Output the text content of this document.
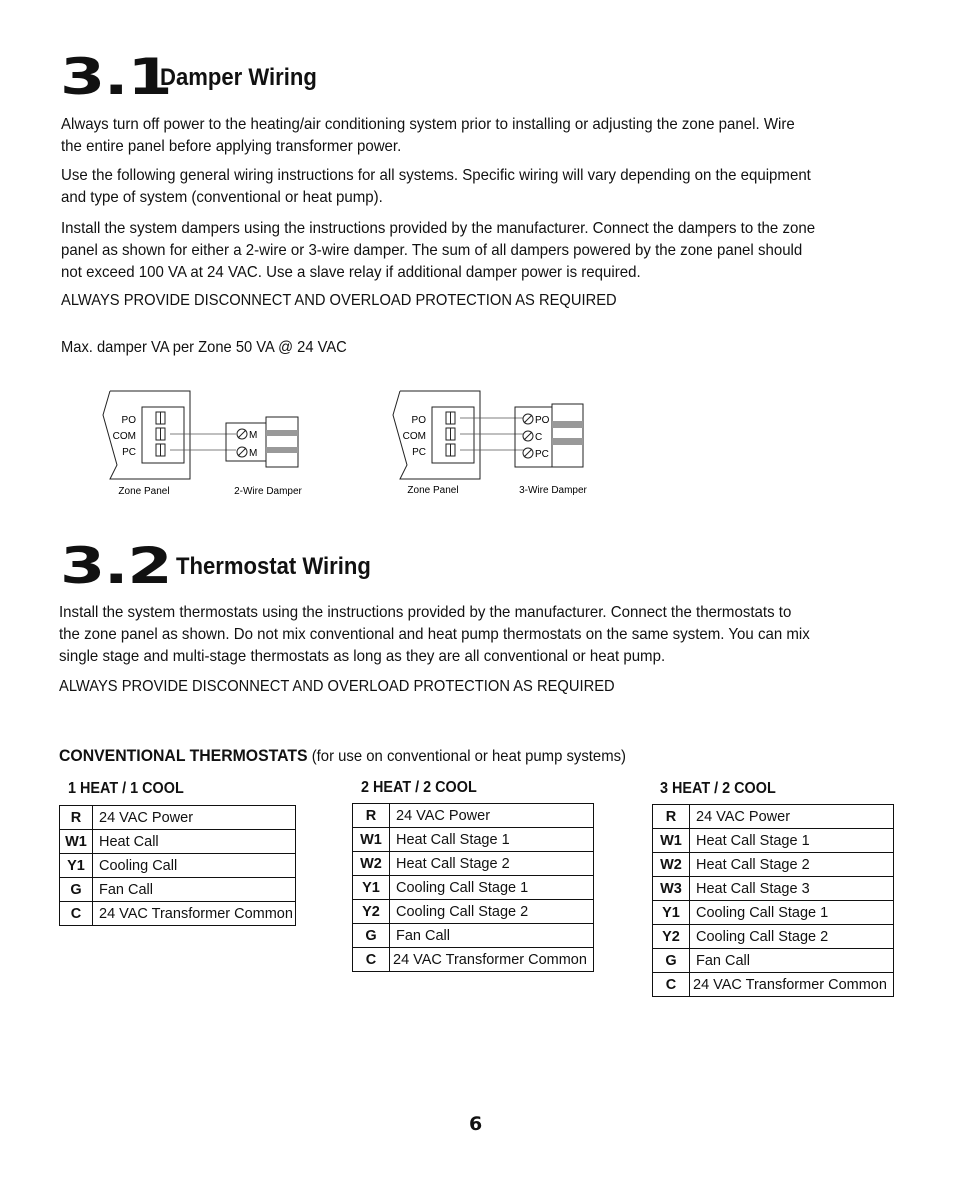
3.1
Damper Wiring
Always turn off power to the heating/air conditioning system prior to installing or adjusting the zone panel. Wire
the entire panel before applying transformer power.
Use the following general wiring instructions for all systems. Specific wiring will vary depending on the equipment
and type of system (conventional or heat pump).
Install the system dampers using the instructions provided by the manufacturer. Connect the dampers to the zone
panel as shown for either a 2-wire or 3-wire damper. The sum of all dampers powered by the zone panel should
not exceed 100 VA at 24 VAC. Use a slave relay if additional damper power is required.
ALWAYS PROVIDE DISCONNECT AND OVERLOAD PROTECTION AS REQUIRED
Max. damper VA per Zone 50 VA @ 24 VAC
PO
COM
PC
M
M
Zone Panel	2-Wire Damper
PO
COM
PC
PO
C
PC
Zone Panel	3-Wire Damper
3.2 Thermostat Wiring
Install the system thermostats using the instructions provided by the manufacturer. Connect the thermostats to
the zone panel as shown. Do not mix conventional and heat pump thermostats on the same system. You can mix
single stage and multi-stage thermostats as long as they are all conventional or heat pump.
ALWAYS PROVIDE DISCONNECT AND OVERLOAD PROTECTION AS REQUIRED
CONVENTIONAL THERMOSTATS (for use on conventional or heat pump systems)
1 HEAT / 1 COOL
R	24 VAC Power
W1	Heat Call
Y1	Cooling Call
G	Fan Call
C	24 VAC Transformer Common
2 HEAT / 2 COOL
R	24 VAC Power
W1	Heat Call Stage 1
W2	Heat Call Stage 2
Y1	Cooling Call Stage 1
Y2	Cooling Call Stage 2
G	Fan Call
C	24 VAC Transformer Common
3 HEAT / 2 COOL
R	24 VAC Power
W1	Heat Call Stage 1
W2	Heat Call Stage 2
W3	Heat Call Stage 3
Y1	Cooling Call Stage 1
Y2	Cooling Call Stage 2
G	Fan Call
C	24 VAC Transformer Common
6
